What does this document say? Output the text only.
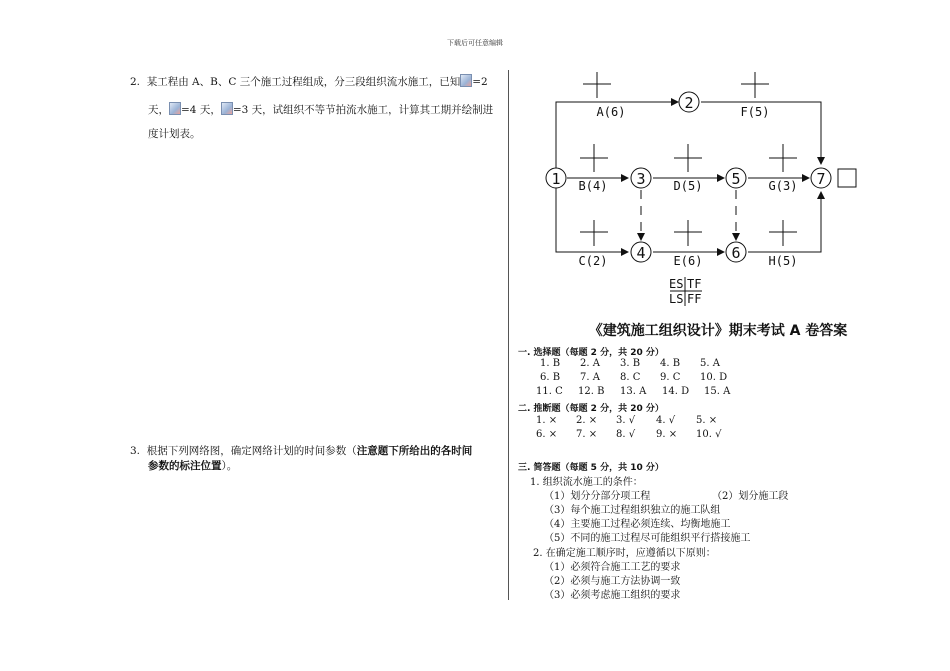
下载后可任意编辑
2. 某工程由 A、B、C 三个施工过程组成，分三段组织流水施工，已知 =2
天， =4 天， =3 天，试组织不等节拍流水施工，计算其工期并绘制进
度计划表。
3. 根据下列网络图，确定网络计划的时间参数（注意题下所给出的各时间
参数的标注位置）。
1
2
3
4
5
6
7
A(6)	F(5)
B(4)	D(5)	G(3)
C(2)	E(6)	H(5)
ES TF
LS FF
《建筑施工组织设计》期末考试 A 卷答案
一. 选择题（每题 2 分，共 20 分）
1. B 2. A 3. B 4. B 5. A
6. B 7. A 8. C 9. C 10. D
11. C 12. B 13. A 14. D 15. A
二. 推断题（每题 2 分，共 20 分）
1. × 2. × 3. √ 4. √ 5. ×
6. × 7. × 8. √ 9. × 10. √
三. 简答题（每题 5 分，共 10 分）
1. 组织流水施工的条件：
（1）划分分部分项工程	（2）划分施工段
（3）每个施工过程组织独立的施工队组
（4）主要施工过程必须连续、均衡地施工
（5）不同的施工过程尽可能组织平行搭接施工
2. 在确定施工顺序时，应遵循以下原则：
（1）必须符合施工工艺的要求
（2）必须与施工方法协调一致
（3）必须考虑施工组织的要求
